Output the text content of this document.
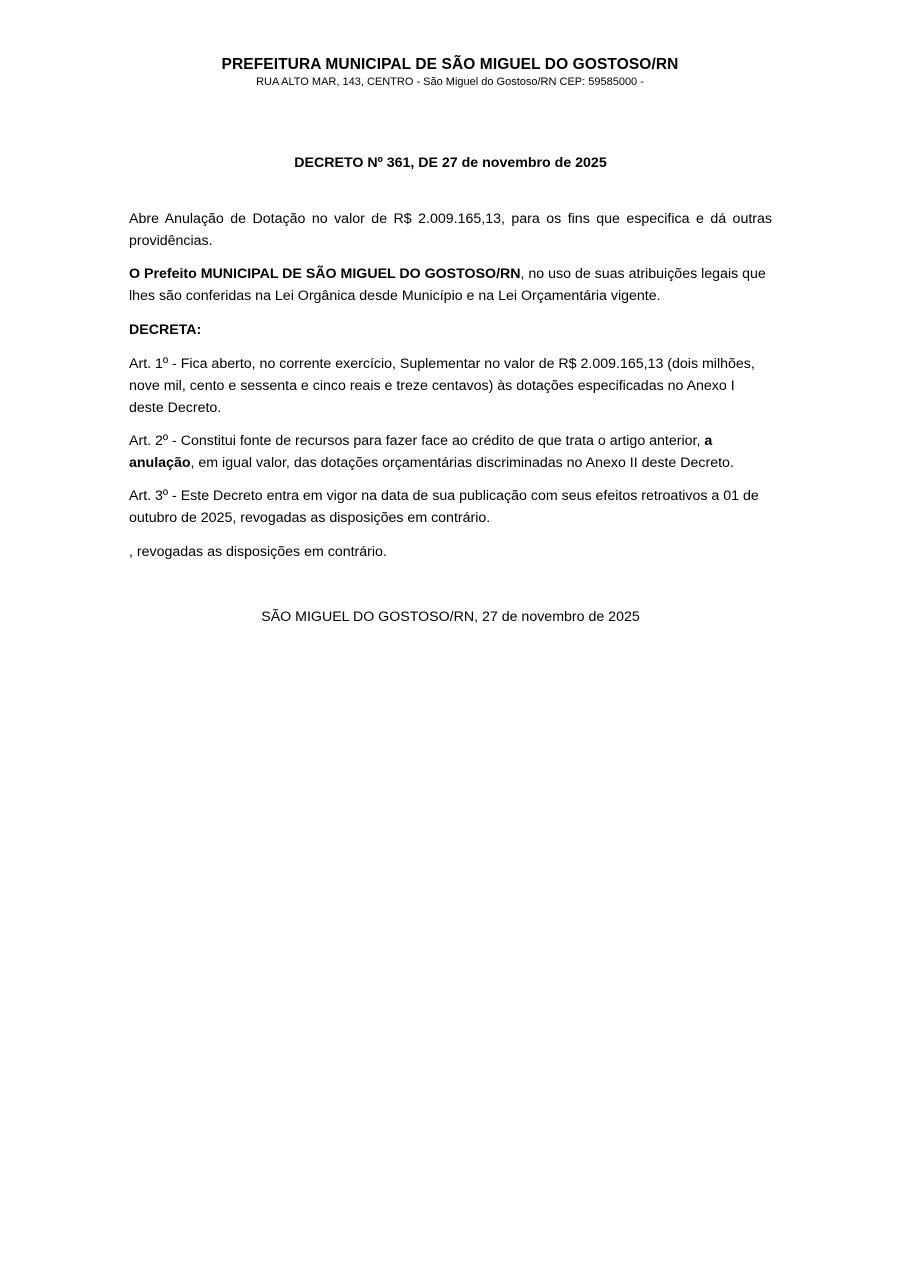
PREFEITURA MUNICIPAL DE SÃO MIGUEL DO GOSTOSO/RN
RUA ALTO MAR, 143, CENTRO - São Miguel do Gostoso/RN CEP: 59585000 -

DECRETO Nº 361, DE 27 de novembro de 2025

Abre Anulação de Dotação no valor de R$ 2.009.165,13, para os fins que especifica e dá outras providências.

O Prefeito MUNICIPAL DE SÃO MIGUEL DO GOSTOSO/RN, no uso de suas atribuições legais que lhes são conferidas na Lei Orgânica desde Município e na Lei Orçamentária vigente.

DECRETA:

Art. 1º - Fica aberto, no corrente exercício, Suplementar no valor de R$ 2.009.165,13 (dois milhões, nove mil, cento e sessenta e cinco reais e treze centavos) às dotações especificadas no Anexo I deste Decreto.

Art. 2º - Constitui fonte de recursos para fazer face ao crédito de que trata o artigo anterior, a anulação, em igual valor, das dotações orçamentárias discriminadas no Anexo II deste Decreto.

Art. 3º - Este Decreto entra em vigor na data de sua publicação com seus efeitos retroativos a 01 de outubro de 2025, revogadas as disposições em contrário.

, revogadas as disposições em contrário.

SÃO MIGUEL DO GOSTOSO/RN, 27 de novembro de 2025
